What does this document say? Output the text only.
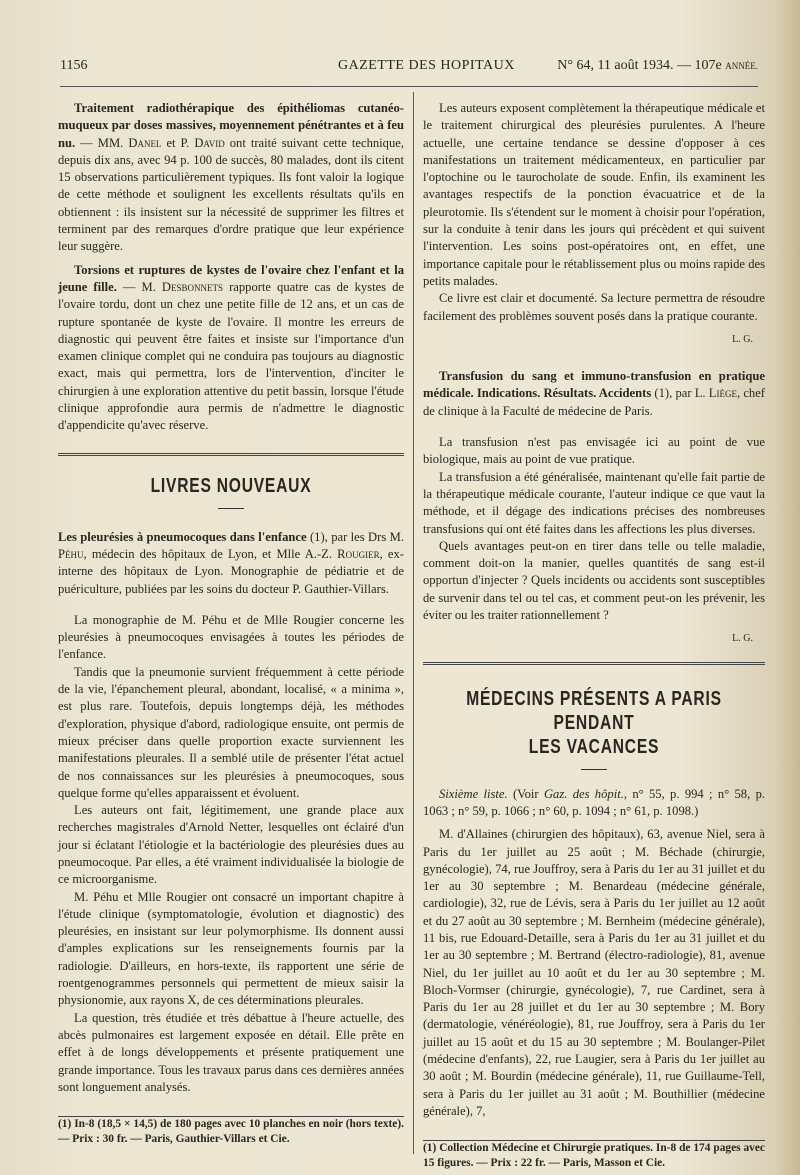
1156	GAZETTE DES HOPITAUX	N° 64, 11 août 1934. — 107e ANNÉE.

Traitement radiothérapique des épithéliomas cutanéo-muqueux par doses massives, moyennement pénétrantes et à feu nu. — MM. Danel et P. David ont traité suivant cette technique, depuis dix ans, avec 94 p. 100 de succès, 80 malades, dont ils citent 15 observations particulièrement typiques. Ils font valoir la logique de cette méthode et soulignent les excellents résultats qu'ils en obtiennent : ils insistent sur la nécessité de supprimer les filtres et terminent par des remarques d'ordre pratique que leur expérience leur suggère.

Torsions et ruptures de kystes de l'ovaire chez l'enfant et la jeune fille. — M. Desbonnets rapporte quatre cas de kystes de l'ovaire tordu, dont un chez une petite fille de 12 ans, et un cas de rupture spontanée de kyste de l'ovaire. Il montre les erreurs de diagnostic qui peuvent être faites et insiste sur l'importance d'un examen clinique complet qui ne conduira pas toujours au diagnostic exact, mais qui permettra, lors de l'intervention, d'inciter le chirurgien à une exploration attentive du petit bassin, lorsque l'étude clinique approfondie aura permis de n'admettre le diagnostic d'appendicite qu'avec réserve.

LIVRES NOUVEAUX

Les pleurésies à pneumocoques dans l'enfance (1), par les Drs M. Péhu, médecin des hôpitaux de Lyon, et Mlle A.-Z. Rougier, ex-interne des hôpitaux de Lyon. Monographie de pédiatrie et de puériculture, publiées par les soins du docteur P. Gauthier-Villars.

La monographie de M. Péhu et de Mlle Rougier concerne les pleurésies à pneumocoques envisagées à toutes les périodes de l'enfance.

Tandis que la pneumonie survient fréquemment à cette période de la vie, l'épanchement pleural, abondant, localisé, « a minima », est plus rare. Toutefois, depuis longtemps déjà, les méthodes d'exploration, physique d'abord, radiologique ensuite, ont permis de mieux préciser dans quelle proportion exacte surviennent les manifestations pleurales. Il a semblé utile de présenter l'état actuel de nos connaissances sur les pleurésies à pneumocoques, sous quelque forme qu'elles apparaissent et évoluent.

Les auteurs ont fait, légitimement, une grande place aux recherches magistrales d'Arnold Netter, lesquelles ont éclairé d'un jour si éclatant l'étiologie et la bactériologie des pleurésies dues au pneumocoque. Par elles, a été vraiment individualisée la biologie de ce microorganisme.

M. Péhu et Mlle Rougier ont consacré un important chapitre à l'étude clinique (symptomatologie, évolution et diagnostic) des pleurésies, en insistant sur leur polymorphisme. Ils donnent aussi d'amples explications sur les renseignements fournis par la radiologie. D'ailleurs, en hors-texte, ils rapportent une série de roentgenogrammes personnels qui permettent de mieux saisir la physionomie, aux rayons X, de ces déterminations pleurales.

La question, très étudiée et très débattue à l'heure actuelle, des abcès pulmonaires est largement exposée en détail. Elle prête en effet à de longs développements et présente pratiquement une grande importance. Tous les travaux parus dans ces dernières années sont longuement analysés.

(1) In-8 (18,5 × 14,5) de 180 pages avec 10 planches en noir (hors texte). — Prix : 30 fr. — Paris, Gauthier-Villars et Cie.

Les auteurs exposent complètement la thérapeutique médicale et le traitement chirurgical des pleurésies purulentes. A l'heure actuelle, une certaine tendance se dessine d'opposer à ces manifestations un traitement médicamenteux, en particulier par l'optochine ou le taurocholate de soude. Enfin, ils examinent les avantages respectifs de la ponction évacuatrice et de la pleurotomie. Ils s'étendent sur le moment à choisir pour l'opération, sur la conduite à tenir dans les jours qui précèdent et qui suivent l'intervention. Les soins post-opératoires ont, en effet, une importance capitale pour le rétablissement plus ou moins rapide des petits malades.

Ce livre est clair et documenté. Sa lecture permettra de résoudre facilement des problèmes souvent posés dans la pratique courante.

L. G.

Transfusion du sang et immuno-transfusion en pratique médicale. Indications. Résultats. Accidents (1), par L. Liège, chef de clinique à la Faculté de médecine de Paris.

La transfusion n'est pas envisagée ici au point de vue biologique, mais au point de vue pratique.

La transfusion a été généralisée, maintenant qu'elle fait partie de la thérapeutique médicale courante, l'auteur indique ce que vaut la méthode, et il dégage des indications précises des nombreuses transfusions qui ont été faites dans les affections les plus diverses.

Quels avantages peut-on en tirer dans telle ou telle maladie, comment doit-on la manier, quelles quantités de sang est-il opportun d'injecter ? Quels incidents ou accidents sont susceptibles de survenir dans tel ou tel cas, et comment peut-on les prévenir, les éviter ou les traiter rationnellement ?

L. G.

MÉDECINS PRÉSENTS A PARIS PENDANT
LES VACANCES

Sixième liste. (Voir Gaz. des hôpit., n° 55, p. 994 ; n° 58, p. 1063 ; n° 59, p. 1066 ; n° 60, p. 1094 ; n° 61, p. 1098.)

M. d'Allaines (chirurgien des hôpitaux), 63, avenue Niel, sera à Paris du 1er juillet au 25 août ; M. Béchade (chirurgie, gynécologie), 74, rue Jouffroy, sera à Paris du 1er au 31 juillet et du 1er au 30 septembre ; M. Benardeau (médecine générale, cardiologie), 32, rue de Lévis, sera à Paris du 1er juillet au 12 août et du 27 août au 30 septembre ; M. Bernheim (médecine générale), 11 bis, rue Edouard-Detaille, sera à Paris du 1er au 31 juillet et du 1er au 30 septembre ; M. Bertrand (électro-radiologie), 81, avenue Niel, du 1er juillet au 10 août et du 1er au 30 septembre ; M. Bloch-Vormser (chirurgie, gynécologie), 7, rue Cardinet, sera à Paris du 1er au 28 juillet et du 1er au 30 septembre ; M. Bory (dermatologie, vénéréologie), 81, rue Jouffroy, sera à Paris du 1er juillet au 15 août et du 15 au 30 septembre ; M. Boulanger-Pilet (médecine d'enfants), 22, rue Laugier, sera à Paris du 1er juillet au 30 août ; M. Bourdin (médecine générale), 11, rue Guillaume-Tell, sera à Paris du 1er juillet au 31 août ; M. Bouthillier (médecine générale), 7,

(1) Collection Médecine et Chirurgie pratiques. In-8 de 174 pages avec 15 figures. — Prix : 22 fr. — Paris, Masson et Cie.
